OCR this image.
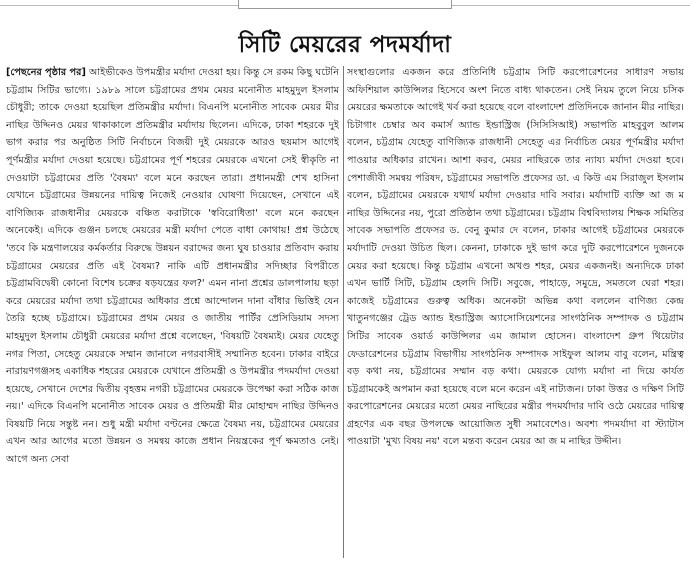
সিটি মেয়রের পদমর্যাদা

[পেছনের পৃষ্ঠার পর] আইভীকেও উপমন্ত্রীর মর্যাদা দেওয়া হয়। কিন্তু সে রকম কিছু ঘটেনি চট্টগ্রাম সিটির ভাগ্যে। ১৯৮৯ সালে চট্টগ্রামের প্রথম মেয়র মনোনীত মাহমুদুল ইসলাম চৌধুরী; তাকে দেওয়া হয়েছিল প্রতিমন্ত্রীর মর্যাদা। বিএনপি মনোনীত সাবেক মেয়র মীর নাছির উদ্দিনও মেয়র থাকাকালে প্রতিমন্ত্রীর মর্যাদায় ছিলেন। এদিকে, ঢাকা শহরকে দুই ভাগ করার পর অনুষ্ঠিত সিটি নির্বাচনে বিজয়ী দুই মেয়রকে আরও ছয়মাস আগেই পূর্ণমন্ত্রীর মর্যাদা দেওয়া হয়েছে। চট্টগ্রামের পূর্ণ শহরের মেয়রকে এখনো সেই স্বীকৃতি না দেওয়াটা চট্টগ্রামের প্রতি 'বৈষম্য' বলে মনে করছেন তারা। প্রধানমন্ত্রী শেখ হাসিনা যেখানে চট্টগ্রামের উন্নয়নের দায়িত্ব নিজেই নেওয়ার ঘোষণা দিয়েছেন, সেখানে এই বাণিজ্যিক রাজধানীর মেয়রকে বঞ্চিত করাটাকে 'স্ববিরোধিতা' বলে মনে করছেন অনেকেই। এদিকে গুঞ্জন চলছে মেয়রের মন্ত্রী মর্যাদা পেতে বাধা কোথায়! প্রশ্ন উঠেছে 'তবে কি মন্ত্রণালয়ের কর্মকর্তার বিরুদ্ধে উন্নয়ন বরাদ্দের জন্য ঘুষ চাওয়ার প্রতিবাদ করায় চট্টগ্রামের মেয়রের প্রতি এই বৈষম্য? নাকি এটি প্রধানমন্ত্রীর সদিচ্ছার বিপরীতে চট্টগ্রামবিদ্বেষী কোনো বিশেষ চক্রের ষড়যন্ত্রের ফল?' এমন নানা প্রশ্নের ডালপালায় ছড়া করে মেয়রের মর্যাদা তথা চট্টগ্রামের অধিকার প্রশ্নে আন্দোলন দানা বাঁধার ভিত্তিই যেন তৈরি হচ্ছে চট্টগ্রামে। চট্টগ্রামের প্রথম মেয়র ও জাতীয় পার্টির প্রেসিডিয়াম সদস্য মাহমুদুল ইসলাম চৌধুরী মেয়রের মর্যাদা প্রশ্নে বলেছেন, 'বিষয়টি বৈষম্যই। মেয়র যেহেতু নগর পিতা, সেহেতু মেয়রকে সম্মান জানালে নগরবাসীই সম্মানিত হবেন। ঢাকার বাইরে নারায়ণগঞ্জসহ একাধিক শহরের মেয়রকে যেখানে প্রতিমন্ত্রী ও উপমন্ত্রীর পদমর্যাদা দেওয়া হয়েছে, সেখানে দেশের দ্বিতীয় বৃহত্তম নগরী চট্টগ্রামের মেয়রকে উপেক্ষা করা সঠিক কাজ নয়।' এদিকে বিএনপি মনোনীত সাবেক মেয়র ও প্রতিমন্ত্রী মীর মোহাম্মদ নাছির উদ্দিনও বিষয়টি নিয়ে সন্তুষ্ট নন। শুধু মন্ত্রী মর্যাদা বণ্টনের ক্ষেত্রে বৈষম্য নয়, চট্টগ্রামের মেয়রের এখন আর আগের মতো উন্নয়ন ও সমন্বয় কাজে প্রধান নিয়ন্ত্রকের পূর্ণ ক্ষমতাও নেই। আগে অন্য সেবা

সংস্থাগুলোর একজন করে প্রতিনিধি চট্টগ্রাম সিটি করপোরেশনের সাধারণ সভায় অফিশিয়াল কাউন্সিলর হিসেবে অংশ নিতে বাধ্য থাকতেন। সেই নিয়ম তুলে নিয়ে চসিক মেয়রের ক্ষমতাকে আগেই খর্ব করা হয়েছে বলে বাংলাদেশ প্রতিদিনকে জানান মীর নাছির। চিটাগাং চেম্বার অব কমার্স অ্যান্ড ইন্ডাস্ট্রিজ (সিসিসিআই) সভাপতি মাহবুবুল আলম বলেন, চট্টগ্রাম যেহেতু বাণিজ্যিক রাজধানী সেহেতু এর নির্বাচিত মেয়র পূর্ণমন্ত্রীর মর্যাদা পাওয়ার অধিকার রাখেন। আশা করব, মেয়র নাছিরকে তার ন্যায্য মর্যাদা দেওয়া হবে। পেশাজীবী সমন্বয় পরিষদ, চট্টগ্রামের সভাপতি প্রফেসর ডা. এ কিউ এম সিরাজুল ইসলাম বলেন, চট্টগ্রামের মেয়রকে যথার্থ মর্যাদা দেওয়ার দাবি সবার। মর্যাদাটি ব্যক্তি আ জ ম নাছির উদ্দিনের নয়, পুরো প্রতিষ্ঠান তথা চট্টগ্রামের। চট্টগ্রাম বিশ্ববিদ্যালয় শিক্ষক সমিতির সাবেক সভাপতি প্রফেসর ড. বেনু কুমার দে বলেন, ঢাকার আগেই চট্টগ্রামের মেয়রকে মর্যাদাটি দেওয়া উচিত ছিল। কেননা, ঢাকাকে দুই ভাগ করে দুটি করপোরেশনে দুজনকে মেয়র করা হয়েছে। কিন্তু চট্টগ্রাম এখনো অখণ্ড শহর, মেয়র একজনই। অন্যদিকে ঢাকা এখন ভার্টি সিটি, চট্টগ্রাম হেলদি সিটি। সবুজে, পাহাড়ে, সমুদ্রে, সমতলে ঘেরা শহর। কাজেই চট্টগ্রামের গুরুত্ব অধিক। অনেকটা অভিন্ন কথা বললেন বাণিজ্য কেন্দ্র খাতুনগঞ্জের ট্রেড অ্যান্ড ইন্ডাস্ট্রিজ অ্যাসোসিয়েশনের সাংগঠনিক সম্পাদক ও চট্টগ্রাম সিটির সাবেক ওয়ার্ড কাউন্সিলর এম জামাল হোসেন। বাংলাদেশ গ্রুপ থিয়েটার ফেডারেশনের চট্টগ্রাম বিভাগীয় সাংগঠনিক সম্পাদক সাইফুল আলম বাবু বলেন, মন্ত্রিত্ব বড় কথা নয়, চট্টগ্রামের সম্মান বড় কথা। মেয়রকে যোগ্য মর্যাদা না দিয়ে কার্যত চট্টগ্রামকেই অপমান করা হয়েছে বলে মনে করেন এই নাট্যজন। ঢাকা উত্তর ও দক্ষিণ সিটি করপোরেশনের মেয়রের মতো মেয়র নাছিরের মন্ত্রীর পদমর্যাদার দাবি ওঠে মেয়রের দায়িত্ব গ্রহণের এক বছর উপলক্ষে আয়োজিত সুধী সমাবেশেও। অবশ্য পদমর্যাদা বা স্ট্যাটাস পাওয়াটা 'মুখ্য বিষয় নয়' বলে মন্তব্য করেন মেয়র আ জ ম নাছির উদ্দীন।
